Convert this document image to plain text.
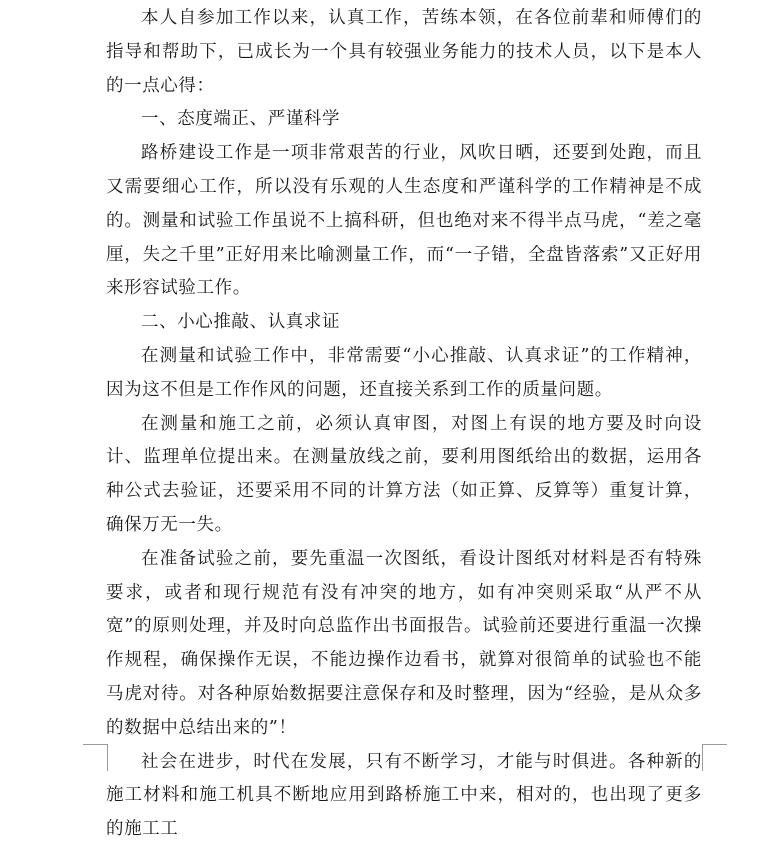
本人自参加工作以来，认真工作，苦练本领，在各位前辈和师傅们的指导和帮助下，已成长为一个具有较强业务能力的技术人员，以下是本人的一点心得：

一、态度端正、严谨科学

路桥建设工作是一项非常艰苦的行业，风吹日晒，还要到处跑，而且又需要细心工作，所以没有乐观的人生态度和严谨科学的工作精神是不成的。测量和试验工作虽说不上搞科研，但也绝对来不得半点马虎，“差之毫厘，失之千里”正好用来比喻测量工作，而“一子错，全盘皆落索”又正好用来形容试验工作。

二、小心推敲、认真求证

在测量和试验工作中，非常需要“小心推敲、认真求证”的工作精神，因为这不但是工作作风的问题，还直接关系到工作的质量问题。

在测量和施工之前，必须认真审图，对图上有误的地方要及时向设计、监理单位提出来。在测量放线之前，要利用图纸给出的数据，运用各种公式去验证，还要采用不同的计算方法（如正算、反算等）重复计算，确保万无一失。

在准备试验之前，要先重温一次图纸，看设计图纸对材料是否有特殊要求，或者和现行规范有没有冲突的地方，如有冲突则采取“从严不从宽”的原则处理，并及时向总监作出书面报告。试验前还要进行重温一次操作规程，确保操作无误，不能边操作边看书，就算对很简单的试验也不能马虎对待。对各种原始数据要注意保存和及时整理，因为“经验，是从众多的数据中总结出来的”！

社会在进步，时代在发展，只有不断学习，才能与时俱进。各种新的施工材料和施工机具不断地应用到路桥施工中来，相对的，也出现了更多的施工工
